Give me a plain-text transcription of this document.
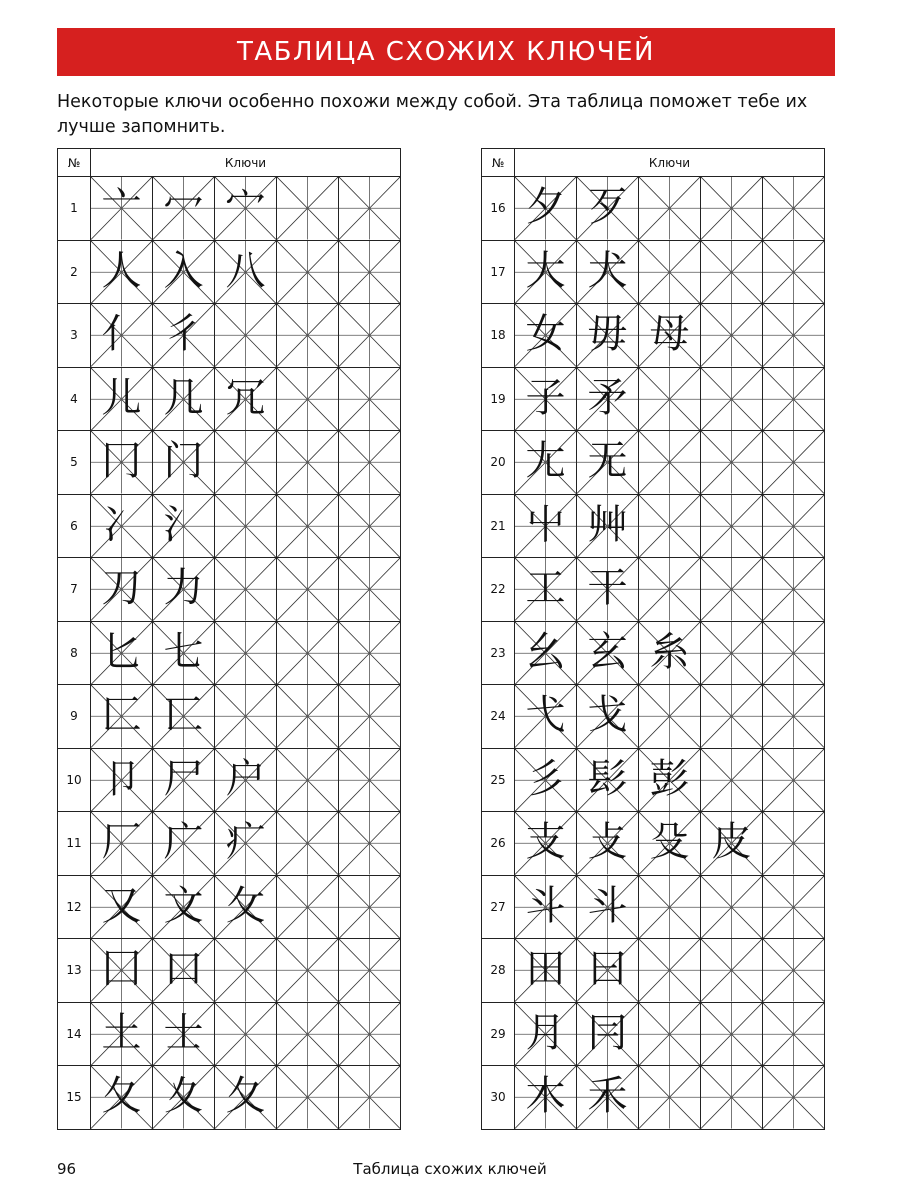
ТАБЛИЦА СХОЖИХ КЛЮЧЕЙ
Некоторые ключи особенно похожи между собой. Эта таблица поможет тебе их лучше запомнить.
№	Ключи				
1	亠	冖	宀

2	人	入	八

3	亻	彳

4	儿	几	冗

5	冂	门

6	冫	氵

7	刀	力

8	匕	七

9	匚	匸

10	卩	尸	户

11	厂	广	疒

12	又	文	攵

13	囗	口

14	土	士

15	夂	夊	夂

№	Ключи				
16	夕	歹

17	大	犬

18	女	毋	母

19	子	矛

20	尢	无

21	屮	艸

22	工	干

23	幺	玄	糸

24	弋	戈

25	彡	髟	彭

26	支	攴	殳	皮

27	斗	斗

28	田	曰

29	月	冃

30	木	禾

96	Таблица схожих ключей
